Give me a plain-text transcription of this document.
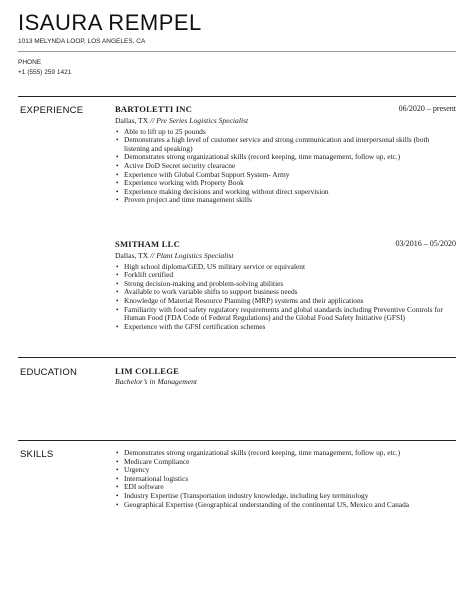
ISAURA REMPEL
1013 MELYNDA LOOP, LOS ANGELES, CA
PHONE
+1 (555) 259 1421
EXPERIENCE	BARTOLETTI INC	06/2020 – present
Dallas, TX // Pre Series Logistics Specialist
• Able to lift up to 25 pounds
• Demonstrates a high level of customer service and strong communication and interpersonal skills (both listening and speaking)
• Demonstrates strong organizational skills (record keeping, time management, follow up, etc.)
• Active DoD Secret security clearacne
• Experience with Global Combat Support System- Army
• Experience working with Property Book
• Experience making decisions and working without direct supervision
• Proven project and time management skills
SMITHAM LLC	03/2016 – 05/2020
Dallas, TX // Plant Logistics Specialist
• High school diploma/GED, US military service or equivalent
• Forklift certified
• Strong decision-making and problem-solving abilities
• Available to work variable shifts to support business needs
• Knowledge of Material Resource Planning (MRP) systems and their applications
• Familiarity with food safety regulatory requirements and global standards including Preventive Controls for Human Food (FDA Code of Federal Regulations) and the Global Food Safety Initiative (GFSI)
• Experience with the GFSI certification schemes
EDUCATION	LIM COLLEGE
Bachelor’s in Management
SKILLS
•	Demonstrates strong organizational skills (record keeping, time management, follow up, etc.)
• Medicare Compliance
• Urgency
• International logistics
• EDI software
• Industry Expertise (Transportation industry knowledge, including key terminology
• Geographical Expertise (Geographical understanding of the continental US, Mexico and Canada
